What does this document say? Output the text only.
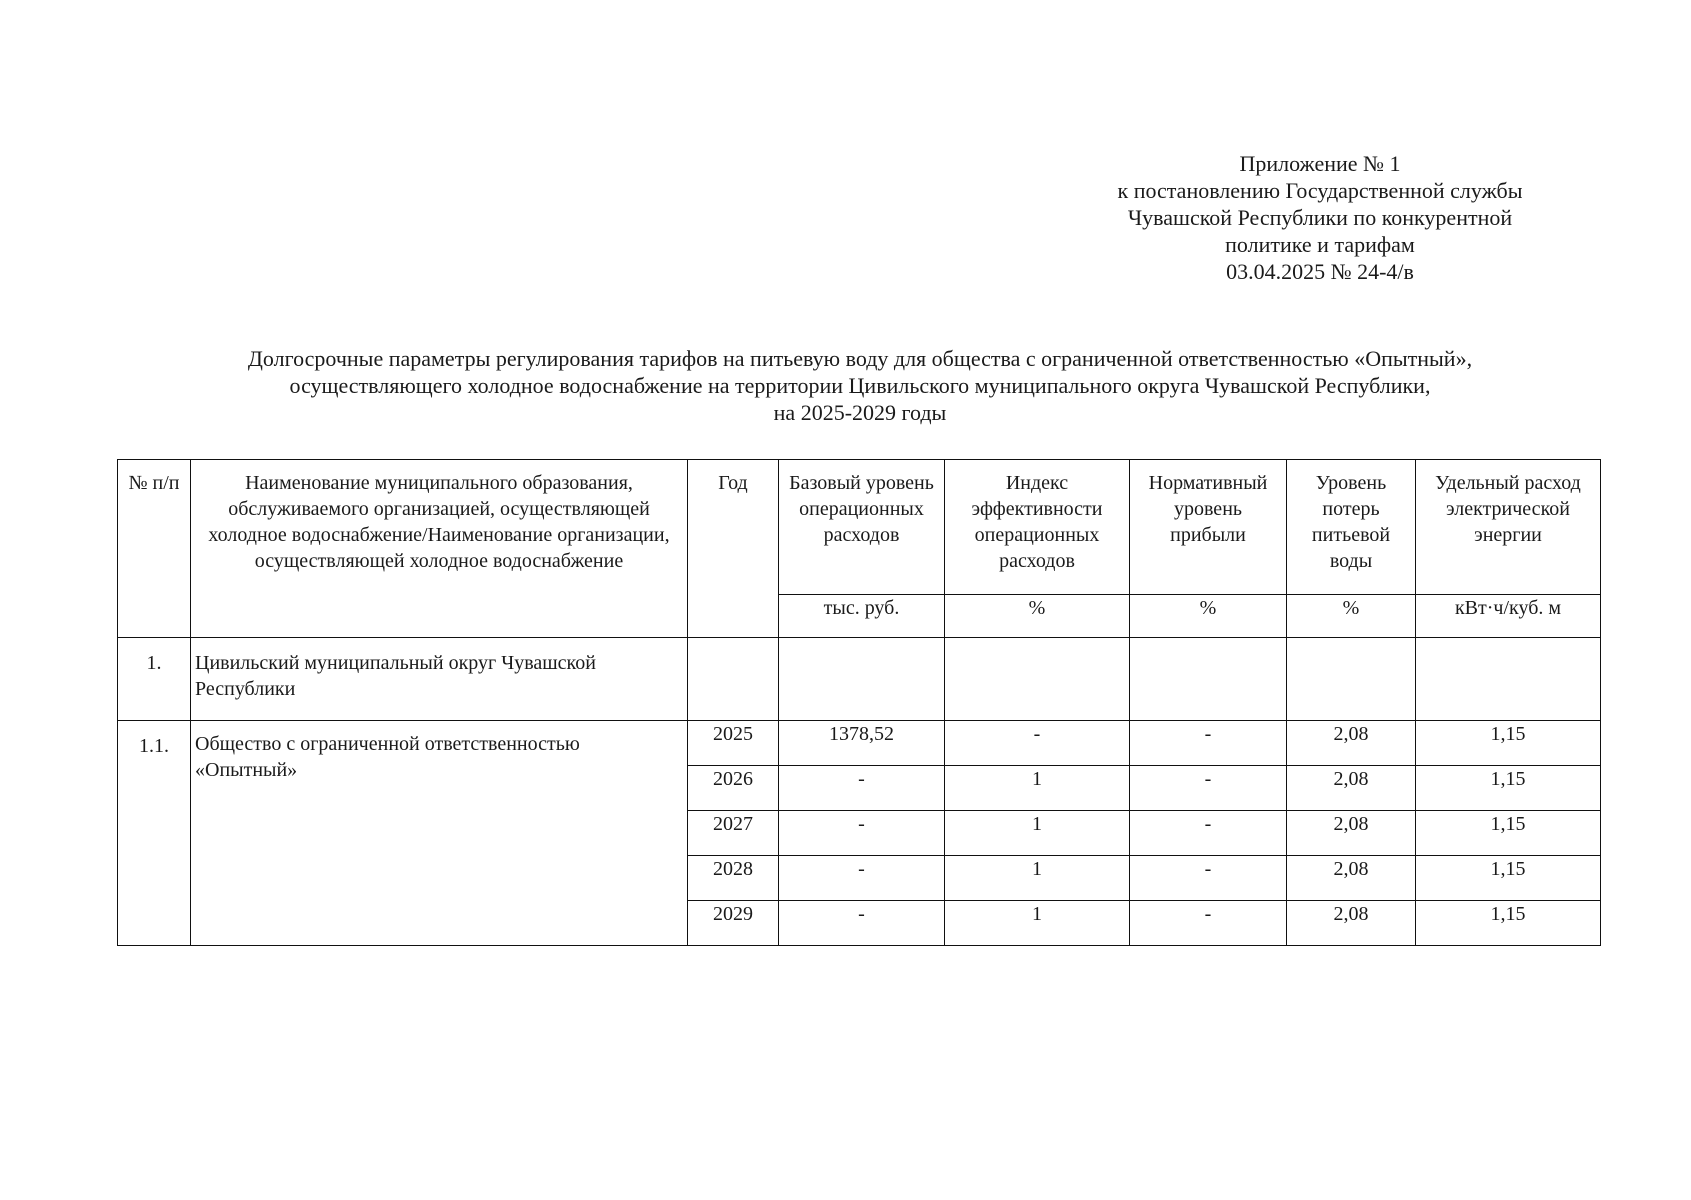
Приложение № 1
к постановлению Государственной службы
Чувашской Республики по конкурентной
политике и тарифам
03.04.2025 № 24-4/в
Долгосрочные параметры регулирования тарифов на питьевую воду для общества с ограниченной ответственностью «Опытный»,
осуществляющего холодное водоснабжение на территории Цивильского муниципального округа Чувашской Республики,
на 2025-2029 годы
№ п/п	Наименование муниципального образования, обслуживаемого организацией, осуществляющей холодное водоснабжение/Наименование организации, осуществляющей холодное водоснабжение	Год	Базовый уровень операционных расходов	Индекс эффективности операционных расходов	Нормативный уровень прибыли	Уровень потерь питьевой воды	Удельный расход электрической энергии
			тыс. руб.	%	%	%	кВт·ч/куб. м
1.	Цивильский муниципальный округ Чувашской Республики						
1.1.	Общество с ограниченной ответственностью «Опытный»	2025	1378,52	-	-	2,08	1,15
		2026	-	1	-	2,08	1,15
		2027	-	1	-	2,08	1,15
		2028	-	1	-	2,08	1,15
		2029	-	1	-	2,08	1,15
